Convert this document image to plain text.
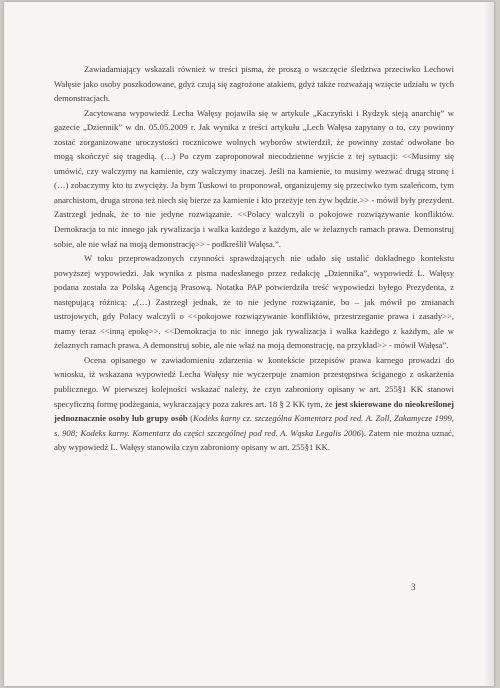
Zawiadamiający wskazali również w treści pisma, że proszą o wszczęcie śledztwa przeciwko Lechowi Wałęsie jako osoby poszkodowane, gdyż czują się zagrożone atakiem, gdyż także rozważają wzięcie udziału w tych demonstracjach.

Zacytowana wypowiedź Lecha Wałęsy pojawiła się w artykule „Kaczyński i Rydzyk sieją anarchię” w gazecie „Dziennik” w dn. 05.05.2009 r. Jak wynika z treści artykułu „Lech Wałęsa zapytany o to, czy powinny zostać zorganizowane uroczystości rocznicowe wolnych wyborów stwierdził, że powinny zostać odwołane bo mogą skończyć się tragedią. (…) Po czym zaproponował niecodzienne wyjście z tej sytuacji: <<Musimy się umówić, czy walczymy na kamienie, czy walczymy inaczej. Jeśli na kamienie, to musimy wezwać drugą stronę i (…) zobaczymy kto tu zwycięży. Ja bym Tuskowi to proponował, organizujemy się przeciwko tym szaleńcom, tym anarchistom, druga strona też niech się bierze za kamienie i kto przeżyje ten żyw będzie.>> - mówił były prezydent. Zastrzegł jednak, że to nie jedyne rozwiązanie. <<Polacy walczyli o pokojowe rozwiązywanie konfliktów. Demokracja to nic innego jak rywalizacja i walka każdego z każdym, ale w żelaznych ramach prawa. Demonstruj sobie, ale nie właź na moją demonstrację>> - podkreślił Wałęsa.”.

W toku przeprowadzonych czynności sprawdzających nie udało się ustalić dokładnego kontekstu powyższej wypowiedzi. Jak wynika z pisma nadesłanego przez redakcję „Dziennika”, wypowiedź L. Wałęsy podana została za Polską Agencją Prasową. Notatka PAP potwierdziła treść wypowiedzi byłego Prezydenta, z następującą różnicą: „(…) Zastrzegł jednak, że to nie jedyne rozwiązanie, bo – jak mówił po zmianach ustrojowych, gdy Polacy walczyli o <<pokojowe rozwiązywanie konfliktów, przestrzeganie prawa i zasady>>, mamy teraz <<inną epokę>>. <<Demokracja to nic innego jak rywalizacja i walka każdego z każdym, ale w żelaznych ramach prawa. A demonstruj sobie, ale nie właź na moją demonstrację, na przykład>> - mówił Wałęsa”.

Ocena opisanego w zawiadomieniu zdarzenia w kontekście przepisów prawa karnego prowadzi do wniosku, iż wskazana wypowiedź Lecha Wałęsy nie wyczerpuje znamion przestępstwa ściganego z oskarżenia publicznego. W pierwszej kolejności wskazać należy, że czyn zabroniony opisany w art. 255§1 KK stanowi specyficzną formę podżegania, wykraczający poza zakres art. 18 § 2 KK tym, że jest skierowane do nieokreślonej jednoznacznie osoby lub grupy osób (Kodeks karny cz. szczególna Komentarz pod red. A. Zoll, Zakamycze 1999, s. 908; Kodeks karny. Komentarz do części szczególnej pod red. A. Wąska Legalis 2006). Zatem nie można uznać, aby wypowiedź L. Wałęsy stanowiła czyn zabroniony opisany w art. 255§1 KK.

3
